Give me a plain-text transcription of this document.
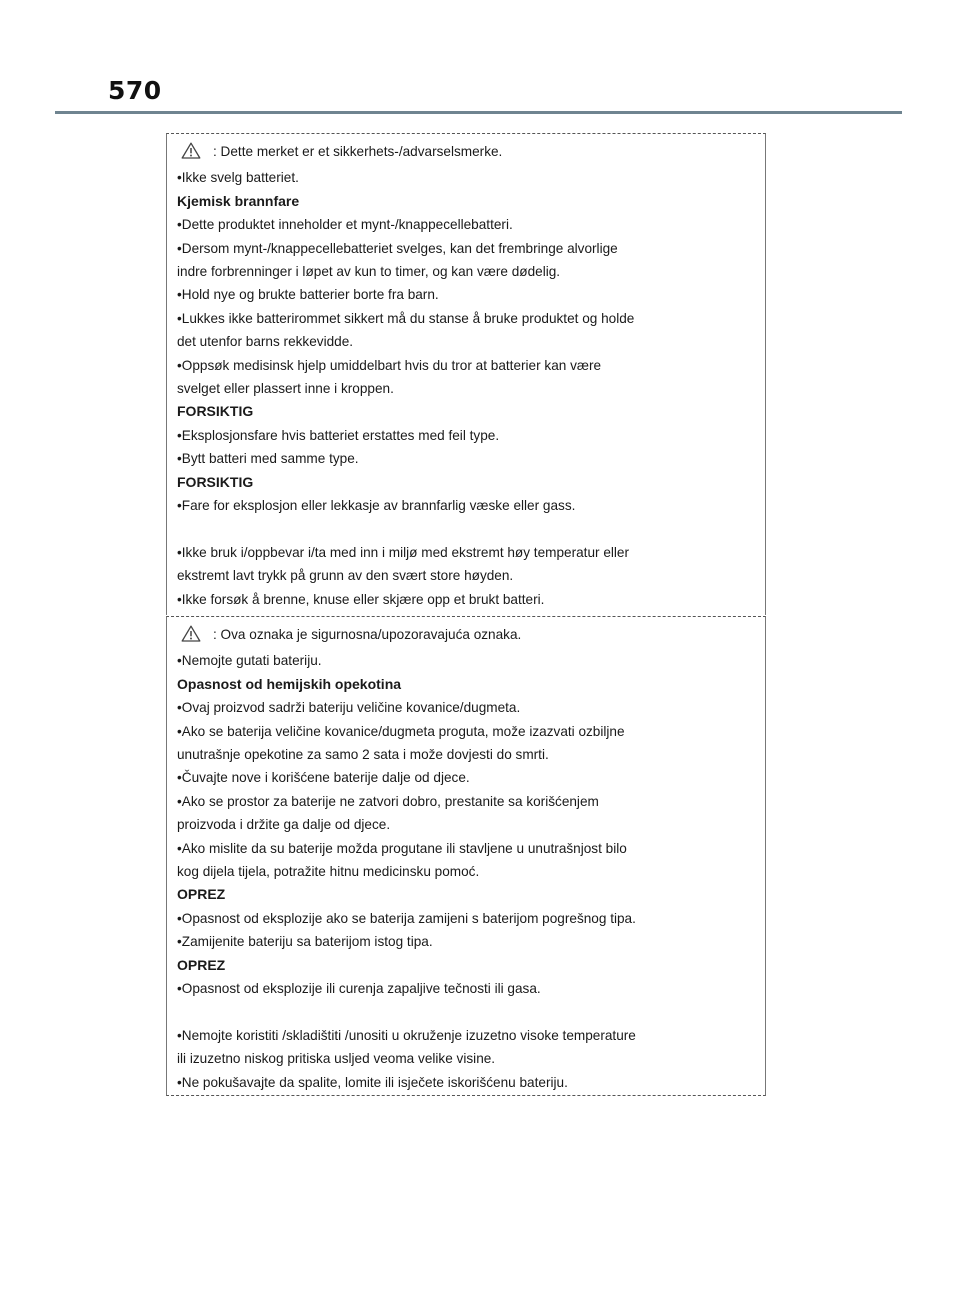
570
: Dette merket er et sikkerhets-/advarselsmerke.
•Ikke svelg batteriet.
Kjemisk brannfare
•Dette produktet inneholder et mynt-/knappecellebatteri.
•Dersom mynt-/knappecellebatteriet svelges, kan det frembringe alvorlige
indre forbrenninger i løpet av kun to timer, og kan være dødelig.
•Hold nye og brukte batterier borte fra barn.
•Lukkes ikke batterirommet sikkert må du stanse å bruke produktet og holde
det utenfor barns rekkevidde.
•Oppsøk medisinsk hjelp umiddelbart hvis du tror at batterier kan være
svelget eller plassert inne i kroppen.
FORSIKTIG
•Eksplosjonsfare hvis batteriet erstattes med feil type.
•Bytt batteri med samme type.
FORSIKTIG
•Fare for eksplosjon eller lekkasje av brannfarlig væske eller gass.
•Ikke bruk i/oppbevar i/ta med inn i miljø med ekstremt høy temperatur eller
ekstremt lavt trykk på grunn av den svært store høyden.
•Ikke forsøk å brenne, knuse eller skjære opp et brukt batteri.
: Ova oznaka je sigurnosna/upozoravajuća oznaka.
•Nemojte gutati bateriju.
Opasnost od hemijskih opekotina
•Ovaj proizvod sadrži bateriju veličine kovanice/dugmeta.
•Ako se baterija veličine kovanice/dugmeta proguta, može izazvati ozbiljne
unutrašnje opekotine za samo 2 sata i može dovjesti do smrti.
•Čuvajte nove i korišćene baterije dalje od djece.
•Ako se prostor za baterije ne zatvori dobro, prestanite sa korišćenjem
proizvoda i držite ga dalje od djece.
•Ako mislite da su baterije možda progutane ili stavljene u unutrašnjost bilo
kog dijela tijela, potražite hitnu medicinsku pomoć.
OPREZ
•Opasnost od eksplozije ako se baterija zamijeni s baterijom pogrešnog tipa.
•Zamijenite bateriju sa baterijom istog tipa.
OPREZ
•Opasnost od eksplozije ili curenja zapaljive tečnosti ili gasa.
•Nemojte koristiti /skladištiti /unositi u okruženje izuzetno visoke temperature
ili izuzetno niskog pritiska usljed veoma velike visine.
•Ne pokušavajte da spalite, lomite ili isječete iskorišćenu bateriju.
